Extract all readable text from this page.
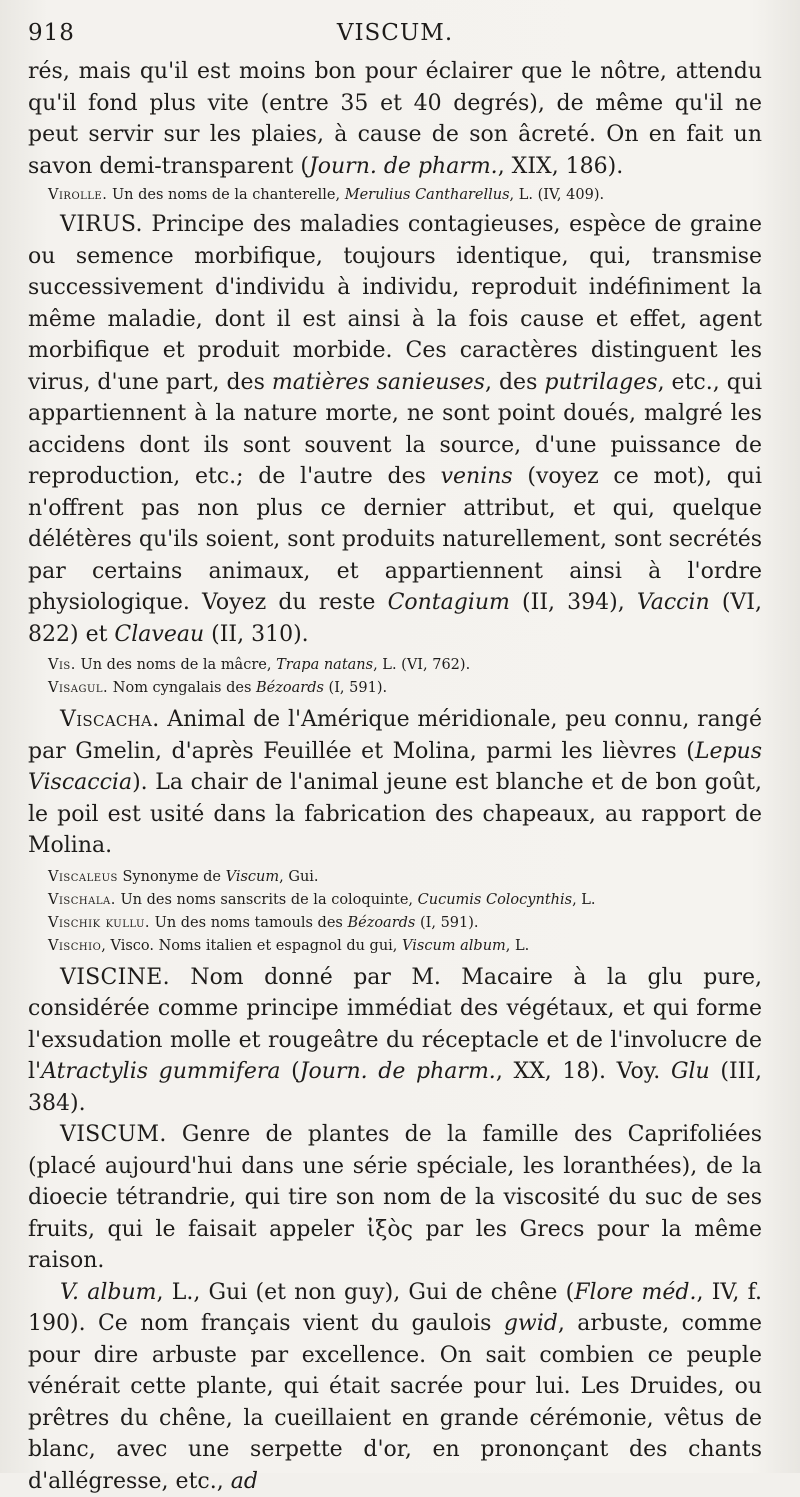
918	VISCUM.

rés, mais qu'il est moins bon pour éclairer que le nôtre, attendu qu'il fond plus vite (entre 35 et 40 degrés), de même qu'il ne peut servir sur les plaies, à cause de son âcreté. On en fait un savon demi-transparent (Journ. de pharm., XIX, 186).

Virolle. Un des noms de la chanterelle, Merulius Cantharellus, L. (IV, 409).

VIRUS. Principe des maladies contagieuses, espèce de graine ou semence morbifique, toujours identique, qui, transmise successivement d'individu à individu, reproduit indéfiniment la même maladie, dont il est ainsi à la fois cause et effet, agent morbifique et produit morbide. Ces caractères distinguent les virus, d'une part, des matières sanieuses, des putrilages, etc., qui appartiennent à la nature morte, ne sont point doués, malgré les accidens dont ils sont souvent la source, d'une puissance de reproduction, etc.; de l'autre des venins (voyez ce mot), qui n'offrent pas non plus ce dernier attribut, et qui, quelque délétères qu'ils soient, sont produits naturellement, sont secrétés par certains animaux, et appartiennent ainsi à l'ordre physiologique. Voyez du reste Contagium (II, 394), Vaccin (VI, 822) et Claveau (II, 310).

Vis. Un des noms de la mâcre, Trapa natans, L. (VI, 762).

Visagul. Nom cyngalais des Bézoards (I, 591).

Viscacha. Animal de l'Amérique méridionale, peu connu, rangé par Gmelin, d'après Feuillée et Molina, parmi les lièvres (Lepus Viscaccia). La chair de l'animal jeune est blanche et de bon goût, le poil est usité dans la fabrication des chapeaux, au rapport de Molina.

Viscaleus Synonyme de Viscum, Gui.

Vischala. Un des noms sanscrits de la coloquinte, Cucumis Colocynthis, L.

Vischik kullu. Un des noms tamouls des Bézoards (I, 591).

Vischio, Visco. Noms italien et espagnol du gui, Viscum album, L.

VISCINE. Nom donné par M. Macaire à la glu pure, considérée comme principe immédiat des végétaux, et qui forme l'exsudation molle et rougeâtre du réceptacle et de l'involucre de l'Atractylis gummifera (Journ. de pharm., XX, 18). Voy. Glu (III, 384).

VISCUM. Genre de plantes de la famille des Caprifoliées (placé aujourd'hui dans une série spéciale, les loranthées), de la dioecie tétrandrie, qui tire son nom de la viscosité du suc de ses fruits, qui le faisait appeler ἰξὸς par les Grecs pour la même raison.

V. album, L., Gui (et non guy), Gui de chêne (Flore méd., IV, f. 190). Ce nom français vient du gaulois gwid, arbuste, comme pour dire arbuste par excellence. On sait combien ce peuple vénérait cette plante, qui était sacrée pour lui. Les Druides, ou prêtres du chêne, la cueillaient en grande cérémonie, vêtus de blanc, avec une serpette d'or, en prononçant des chants d'allégresse, etc., ad
